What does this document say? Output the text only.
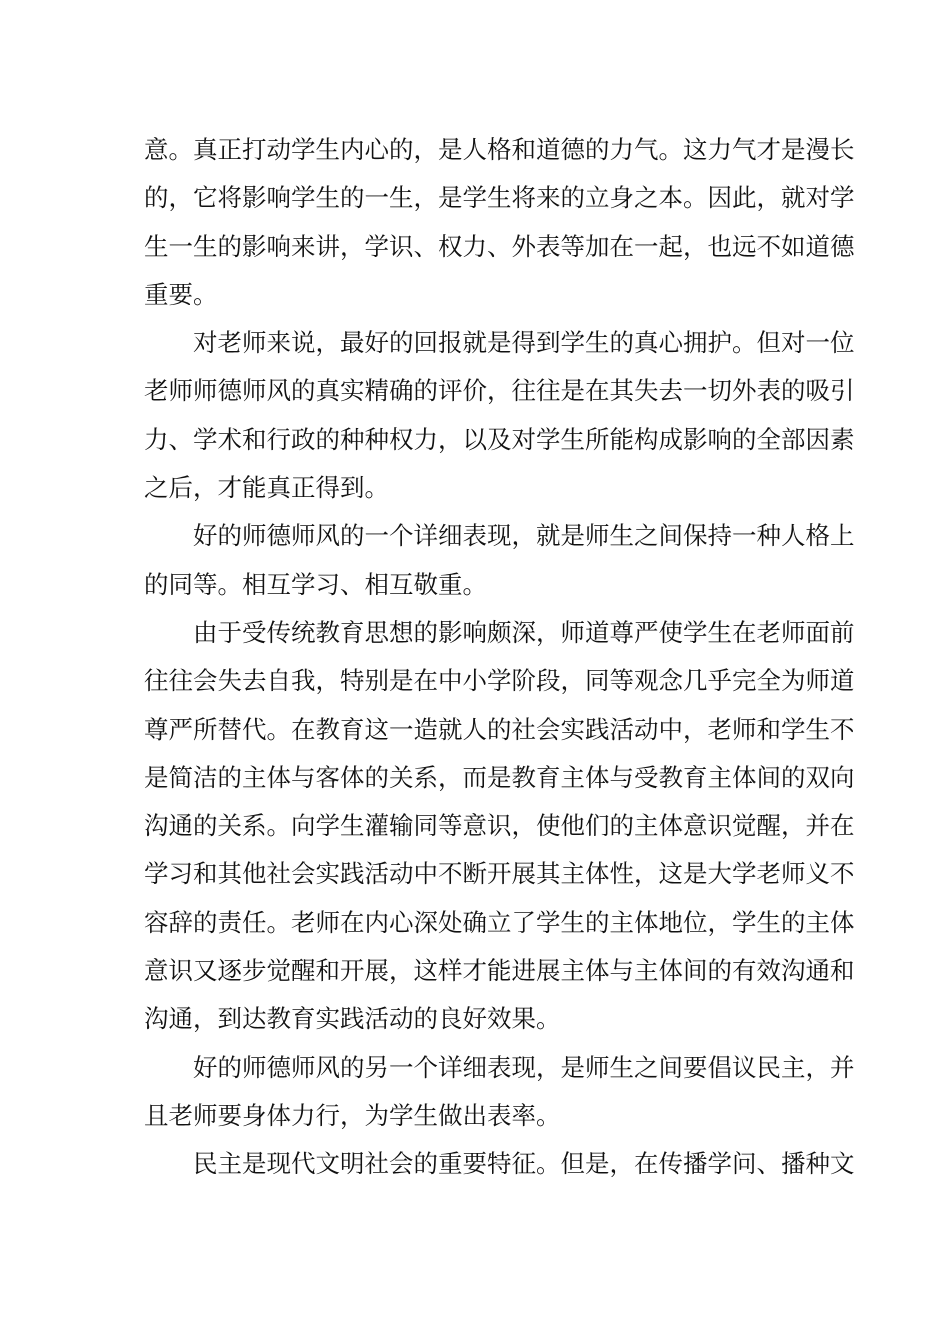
意。真正打动学生内心的，是人格和道德的力气。这力气才是漫长
的，它将影响学生的一生，是学生将来的立身之本。因此，就对学
生一生的影响来讲，学识、权力、外表等加在一起，也远不如道德
重要。
对老师来说，最好的回报就是得到学生的真心拥护。但对一位
老师师德师风的真实精确的评价，往往是在其失去一切外表的吸引
力、学术和行政的种种权力，以及对学生所能构成影响的全部因素
之后，才能真正得到。
好的师德师风的一个详细表现，就是师生之间保持一种人格上
的同等。相互学习、相互敬重。
由于受传统教育思想的影响颇深，师道尊严使学生在老师面前
往往会失去自我，特别是在中小学阶段，同等观念几乎完全为师道
尊严所替代。在教育这一造就人的社会实践活动中，老师和学生不
是简洁的主体与客体的关系，而是教育主体与受教育主体间的双向
沟通的关系。向学生灌输同等意识，使他们的主体意识觉醒，并在
学习和其他社会实践活动中不断开展其主体性，这是大学老师义不
容辞的责任。老师在内心深处确立了学生的主体地位，学生的主体
意识又逐步觉醒和开展，这样才能进展主体与主体间的有效沟通和
沟通，到达教育实践活动的良好效果。
好的师德师风的另一个详细表现，是师生之间要倡议民主，并
且老师要身体力行，为学生做出表率。
民主是现代文明社会的重要特征。但是，在传播学问、播种文
